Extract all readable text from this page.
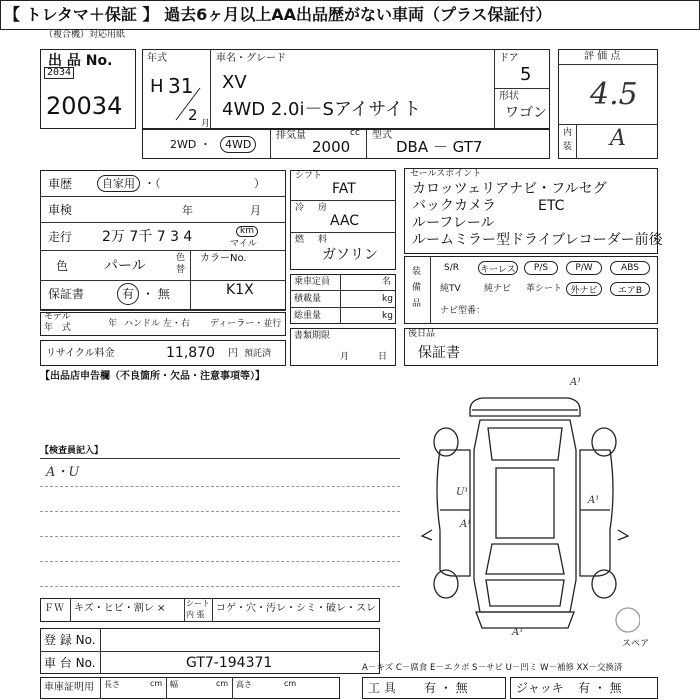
【 トレタマ＋保証 】 過去6ヶ月以上AA出品歴がない車両（プラス保証付）
（複合機）対応用紙
出 品 No.
2034
20034
年式
H 31
2 月
車名・グレード
XV
4WD 2.0i－Sアイサイト
ドア
5
形状
ワゴン
2WD ・	4WD
排気量	cc
2000
型式
DBA － GT7
評 価 点
4.5
内
装 A
車歴	自家用 ・（	）
車検	年	月
走行 2万 7千 7 3 4	km
マイル
色	パール	色
替
カラーNo.
K1X
保証書	有 ・ 無
モデル
年　式	年 ハンドル 左・右 ディーラー・並行
リサイクル料金	11,870 円 預託済
シフト
FAT
冷 房
AAC
燃 料
ガソリン
乗車定員	名
積載量	kg
総重量	kg
書類期限
月	日
セールスポイント
カロッツェリアナビ・フルセグ
バックカメラ　　　ETC
ルーフレール
ルームミラー型ドライブレコーダー前後
装
備
品
S/R キーレス	P/S	P/W	ABS
純TV	純ナビ 革シート 外ナビ	エアB
ナビ型番：
後日品
保証書
【出品店申告欄（不良箇所・欠品・注意事項等）】
【検査員記入】
A・U
A¹
U¹
A¹
A¹
A¹
スペア
ＦＷ キズ・ヒビ・割レ ×	シート
内 張
コゲ・穴・汚レ・シミ・破レ・スレ
登 録 No.
車 台 No.	GT7-194371
車庫証明用 長さ	cm 幅	cm 高さ	cm
A－キズ C－腐食 E－エクボ S－サビ U－凹ミ W－補修 XX－交換済
工 具 有 ・ 無	ジャッキ 有 ・ 無
